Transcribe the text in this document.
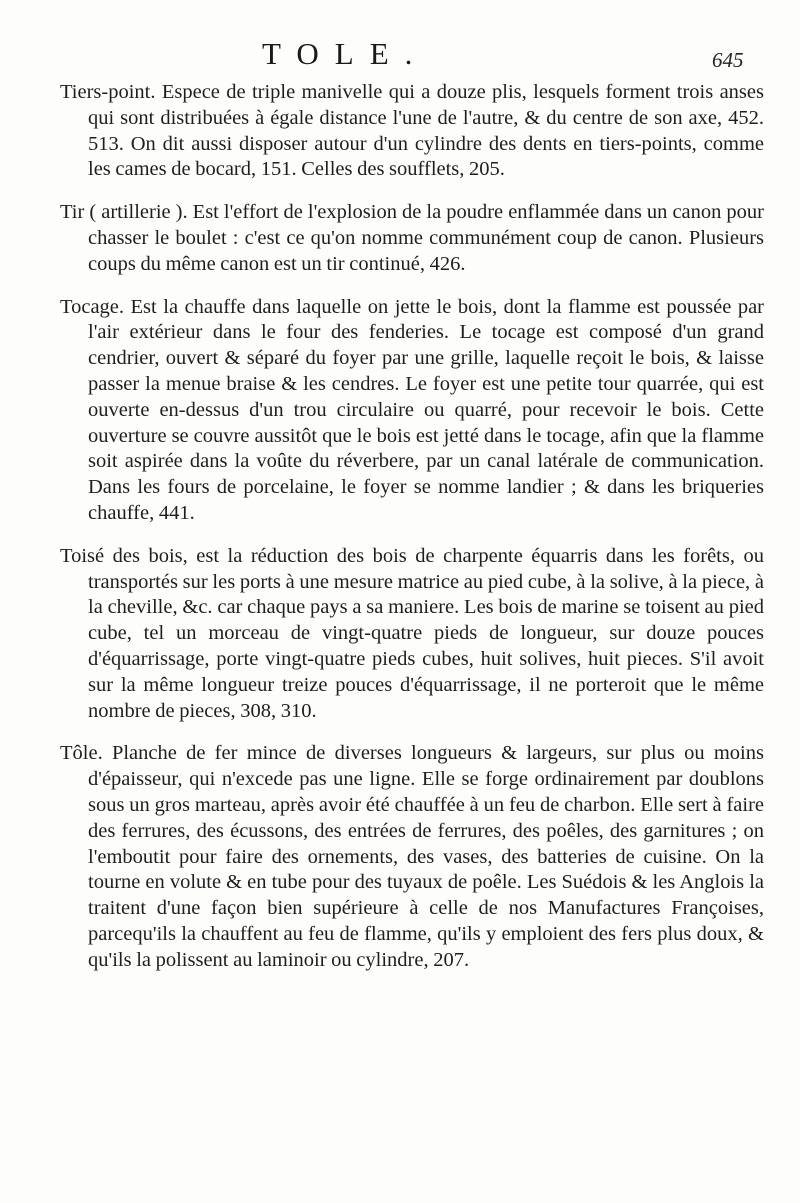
TOLE.	645

Tiers-point. Espece de triple manivelle qui a douze plis, lesquels forment trois anses qui sont distribuées à égale distance l'une de l'autre, & du centre de son axe, 452. 513. On dit aussi disposer autour d'un cylindre des dents en tiers-points, comme les cames de bocard, 151. Celles des soufflets, 205.

Tir ( artillerie ). Est l'effort de l'explosion de la poudre enflammée dans un canon pour chasser le boulet : c'est ce qu'on nomme communément coup de canon. Plusieurs coups du même canon est un tir continué, 426.

Tocage. Est la chauffe dans laquelle on jette le bois, dont la flamme est poussée par l'air extérieur dans le four des fenderies. Le tocage est composé d'un grand cendrier, ouvert & séparé du foyer par une grille, laquelle reçoit le bois, & laisse passer la menue braise & les cendres. Le foyer est une petite tour quarrée, qui est ouverte en-dessus d'un trou circulaire ou quarré, pour recevoir le bois. Cette ouverture se couvre aussitôt que le bois est jetté dans le tocage, afin que la flamme soit aspirée dans la voûte du réverbere, par un canal latérale de communication. Dans les fours de porcelaine, le foyer se nomme landier ; & dans les briqueries chauffe, 441.

Toisé des bois, est la réduction des bois de charpente équarris dans les forêts, ou transportés sur les ports à une mesure matrice au pied cube, à la solive, à la piece, à la cheville, &c. car chaque pays a sa maniere. Les bois de marine se toisent au pied cube, tel un morceau de vingt-quatre pieds de longueur, sur douze pouces d'équarrissage, porte vingt-quatre pieds cubes, huit solives, huit pieces. S'il avoit sur la même longueur treize pouces d'équarrissage, il ne porteroit que le même nombre de pieces, 308, 310.

Tôle. Planche de fer mince de diverses longueurs & largeurs, sur plus ou moins d'épaisseur, qui n'excede pas une ligne. Elle se forge ordinairement par doublons sous un gros marteau, après avoir été chauffée à un feu de charbon. Elle sert à faire des ferrures, des écussons, des entrées de ferrures, des poêles, des garnitures ; on l'emboutit pour faire des ornements, des vases, des batteries de cuisine. On la tourne en volute & en tube pour des tuyaux de poêle. Les Suédois & les Anglois la traitent d'une façon bien supérieure à celle de nos Manufactures Françoises, parcequ'ils la chauffent au feu de flamme, qu'ils y emploient des fers plus doux, & qu'ils la polissent au laminoir ou cylindre, 207.
